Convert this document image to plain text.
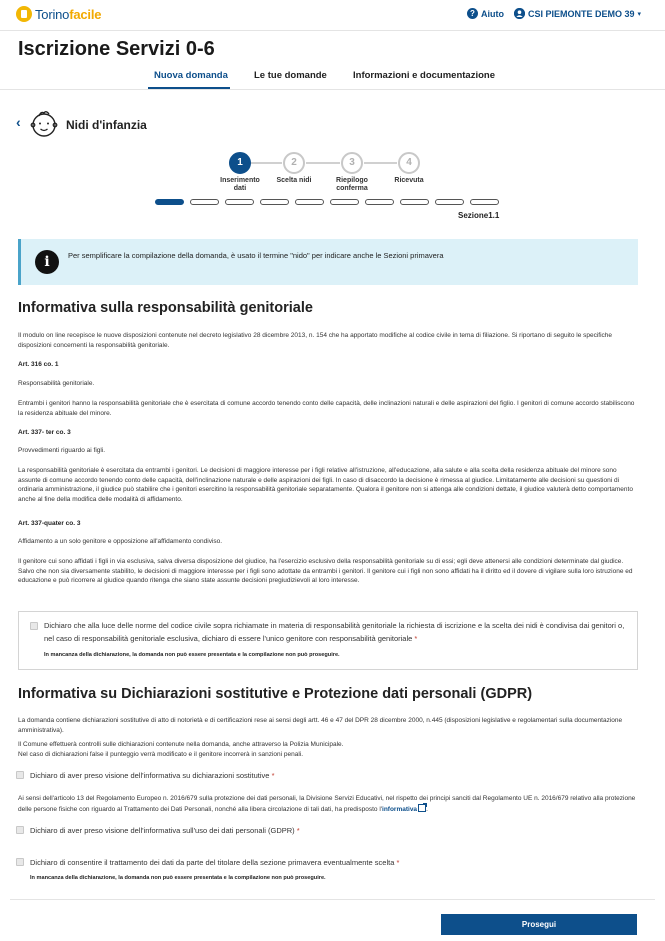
Torinofacile	? Aiuto	CSI PIEMONTE DEMO 39 ▾
Iscrizione Servizi 0-6
Nuova domanda	Le tue domande	Informazioni e documentazione
‹	Nidi d'infanzia
1
Inserimento dati
2
Scelta nidi
3
Riepilogo conferma
4
Ricevuta
Sezione1.1
i	Per semplificare la compilazione della domanda, è usato il termine "nido" per indicare anche le Sezioni primavera
Informativa sulla responsabilità genitoriale

Il modulo on line recepisce le nuove disposizioni contenute nel decreto legislativo 28 dicembre 2013, n. 154 che ha apportato modifiche al codice civile in tema di filiazione. Si riportano di seguito le specifiche disposizioni concernenti la responsabilità genitoriale.

Art. 316 co. 1

Responsabilità genitoriale.

Entrambi i genitori hanno la responsabilità genitoriale che è esercitata di comune accordo tenendo conto delle capacità, delle inclinazioni naturali e delle aspirazioni del figlio. I genitori di comune accordo stabiliscono la residenza abituale del minore.

Art. 337- ter co. 3

Provvedimenti riguardo ai figli.

La responsabilità genitoriale è esercitata da entrambi i genitori. Le decisioni di maggiore interesse per i figli relative all'istruzione, all'educazione, alla salute e alla scelta della residenza abituale del minore sono assunte di comune accordo tenendo conto delle capacità, dell'inclinazione naturale e delle aspirazioni dei figli. In caso di disaccordo la decisione è rimessa al giudice. Limitatamente alle decisioni su questioni di ordinaria amministrazione, il giudice può stabilire che i genitori esercitino la responsabilità genitoriale separatamente. Qualora il genitore non si attenga alle condizioni dettate, il giudice valuterà detto comportamento anche al fine della modifica delle modalità di affidamento.

Art. 337-quater co. 3

Affidamento a un solo genitore e opposizione all'affidamento condiviso.

Il genitore cui sono affidati i figli in via esclusiva, salva diversa disposizione del giudice, ha l'esercizio esclusivo della responsabilità genitoriale su di essi; egli deve attenersi alle condizioni determinate dal giudice. Salvo che non sia diversamente stabilito, le decisioni di maggiore interesse per i figli sono adottate da entrambi i genitori. Il genitore cui i figli non sono affidati ha il diritto ed il dovere di vigilare sulla loro istruzione ed educazione e può ricorrere al giudice quando ritenga che siano state assunte decisioni pregiudizievoli al loro interesse.

Dichiaro che alla luce delle norme del codice civile sopra richiamate in materia di responsabilità genitoriale la richiesta di iscrizione e la scelta dei nidi è condivisa dai genitori o, nel caso di responsabilità genitoriale esclusiva, dichiaro di essere l'unico genitore con responsabilità genitoriale *
In mancanza della dichiarazione, la domanda non può essere presentata e la compilazione non può proseguire.
Informativa su Dichiarazioni sostitutive e Protezione dati personali (GDPR)

La domanda contiene dichiarazioni sostitutive di atto di notorietà e di certificazioni rese ai sensi degli artt. 46 e 47 del DPR 28 dicembre 2000, n.445 (disposizioni legislative e regolamentari sulla documentazione amministrativa).

Il Comune effettuerà controlli sulle dichiarazioni contenute nella domanda, anche attraverso la Polizia Municipale.

Nel caso di dichiarazioni false il punteggio verrà modificato e il genitore incorrerà in sanzioni penali.

Dichiaro di aver preso visione dell'informativa su dichiarazioni sostitutive *

Ai sensi dell'articolo 13 del Regolamento Europeo n. 2016/679 sulla protezione dei dati personali, la Divisione Servizi Educativi, nel rispetto dei principi sanciti dal Regolamento UE n. 2016/679 relativo alla protezione delle persone fisiche con riguardo al Trattamento dei Dati Personali, nonché alla libera circolazione di tali dati, ha predisposto l'informativa .

Dichiaro di aver preso visione dell'informativa sull'uso dei dati personali (GDPR) *
Dichiaro di consentire il trattamento dei dati da parte del titolare della sezione primavera eventualmente scelta *
In mancanza della dichiarazione, la domanda non può essere presentata e la compilazione non può proseguire.
Prosegui
